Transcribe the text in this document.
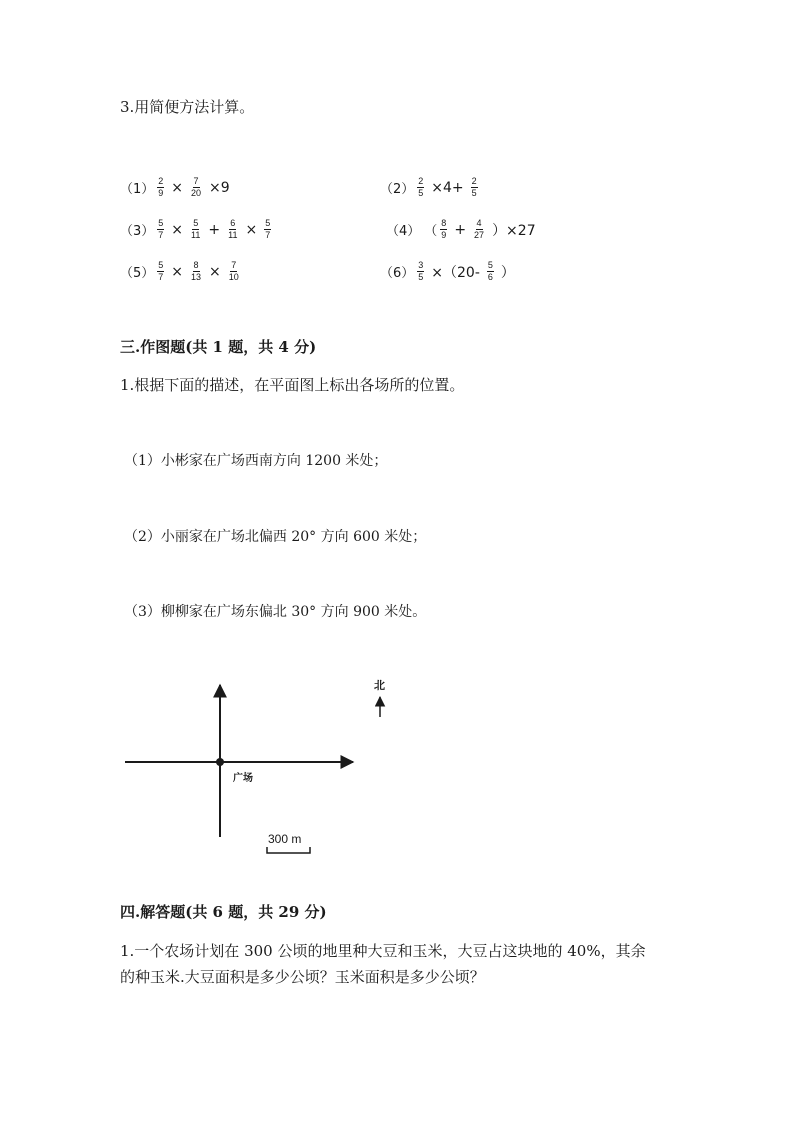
3.用简便方法计算。
$(1) \frac{2}{9} \times \frac{7}{20} \times 9$	$(2) \frac{2}{5} \times 4+ \frac{2}{5}$
$(3) \frac{5}{7} \times \frac{5}{11} + \frac{6}{11} \times \frac{5}{7}$	（4） （ $\frac{8}{9} + \frac{4}{27} )\times 27$
$(5) \frac{5}{7} \times \frac{8}{13} \times \frac{7}{10}$	$(6) \frac{3}{5} \times(20- \frac{5}{6}$ ）
三.作图题(共 1 题，共 4 分)
1.根据下面的描述，在平面图上标出各场所的位置。
（1）小彬家在广场西南方向 1200 米处；
（2）小丽家在广场北偏西 20° 方向 600 米处；
（3）柳柳家在广场东偏北 30° 方向 900 米处。
广场
北
300 m
四.解答题(共 6 题，共 29 分)
1.一个农场计划在 300 公顷的地里种大豆和玉米，大豆占这块地的 40%，其余
的种玉米.大豆面积是多少公顷？玉米面积是多少公顷？
